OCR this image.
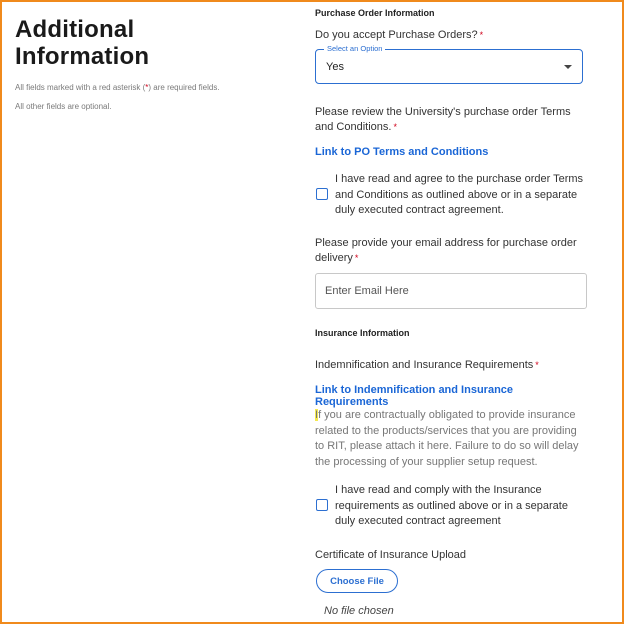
Additional
Information
All fields marked with a red asterisk (*) are required fields.
All other fields are optional.
Purchase Order Information
Do you accept Purchase Orders? *
Select an Option
Yes
Please review the University's purchase order Terms and Conditions. *
Link to PO Terms and Conditions
I have read and agree to the purchase order Terms and Conditions as outlined above or in a separate duly executed contract agreement.
Please provide your email address for purchase order delivery *
Enter Email Here
Insurance Information
Indemnification and Insurance Requirements *
Link to Indemnification and Insurance Requirements
If you are contractually obligated to provide insurance related to the products/services that you are providing to RIT, please attach it here. Failure to do so will delay the processing of your supplier setup request.
I have read and comply with the Insurance requirements as outlined above or in a separate duly executed contract agreement
Certificate of Insurance Upload
Choose File
No file chosen
